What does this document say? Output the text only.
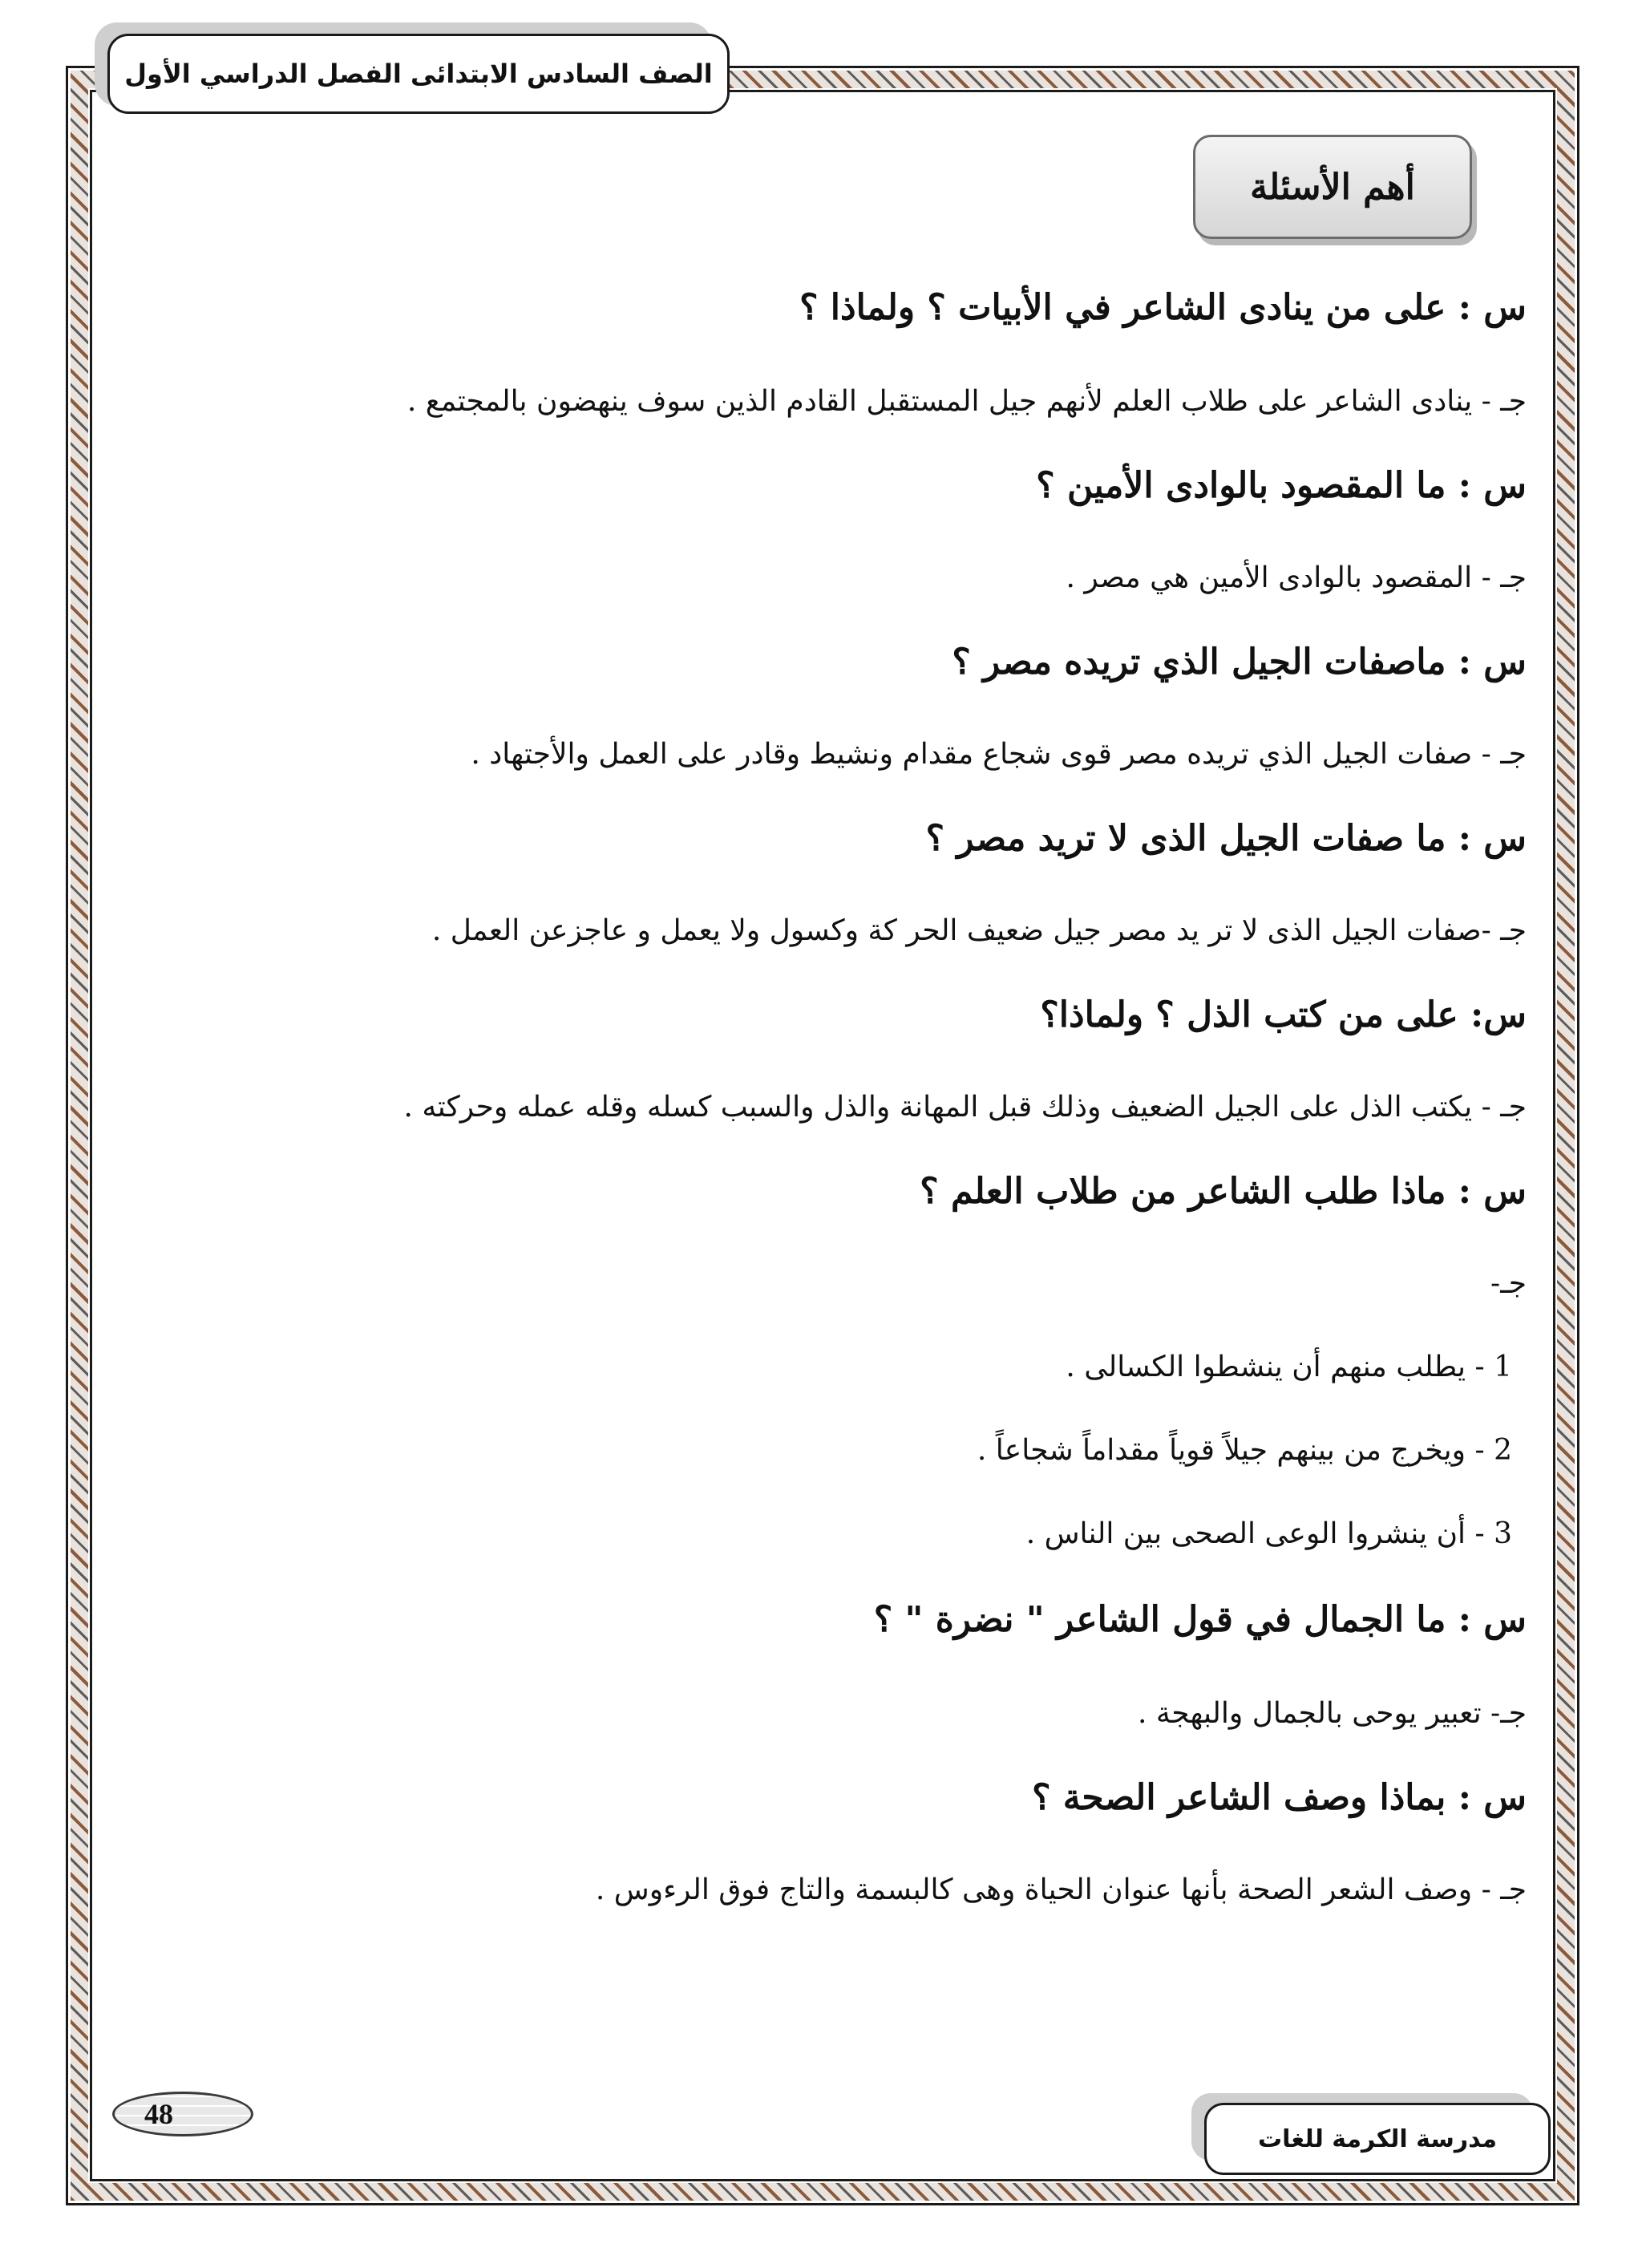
الصف السادس الابتدائى الفصل الدراسي الأول
أهم الأسئلة
س : على من ينادى الشاعر في الأبيات ؟ ولماذا ؟
جـ - ينادى الشاعر على طلاب العلم لأنهم جيل المستقبل القادم الذين سوف ينهضون بالمجتمع .
س : ما المقصود بالوادى الأمين ؟
جـ - المقصود بالوادى الأمين هي مصر .
س : ماصفات الجيل الذي تريده مصر ؟
جـ - صفات الجيل الذي تريده مصر قوى شجاع مقدام ونشيط وقادر على العمل والأجتهاد .
س : ما صفات الجيل الذى لا تريد مصر ؟
جـ -صفات الجيل الذى لا تر يد مصر جيل ضعيف الحر كة وكسول ولا يعمل و عاجزعن العمل .
س: على من كتب الذل ؟ ولماذا؟
جـ - يكتب الذل على الجيل الضعيف وذلك قبل المهانة والذل والسبب كسله وقله عمله وحركته .
س : ماذا طلب الشاعر من طلاب العلم ؟
جـ-
1 - يطلب منهم أن ينشطوا الكسالى .
2 - ويخرج من بينهم جيلاً قوياً مقداماً شجاعاً .
3 - أن ينشروا الوعى الصحى بين الناس .
س : ما الجمال في قول الشاعر " نضرة " ؟
جـ- تعبير يوحى بالجمال والبهجة .
س : بماذا وصف الشاعر الصحة ؟
جـ - وصف الشعر الصحة بأنها عنوان الحياة وهى كالبسمة والتاج فوق الرءوس .
48
مدرسة الكرمة للغات
